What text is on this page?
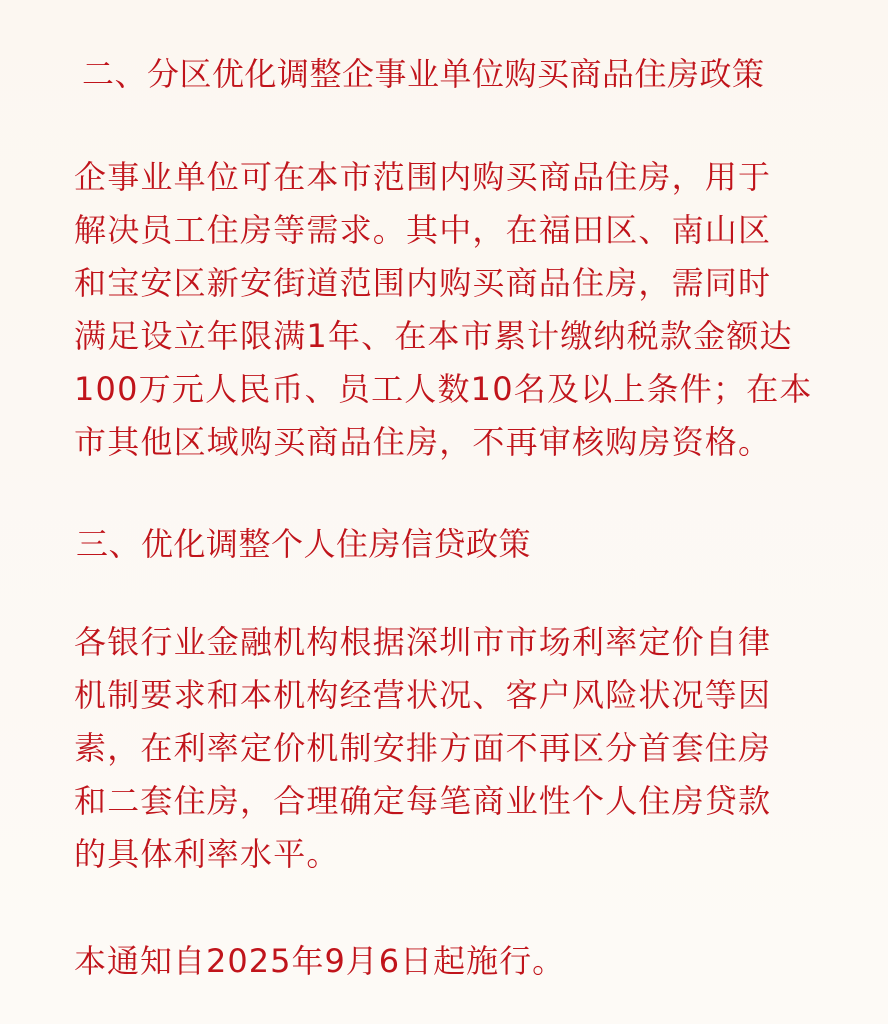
二、分区优化调整企事业单位购买商品住房政策
企事业单位可在本市范围内购买商品住房，用于
解决员工住房等需求。其中，在福田区、南山区
和宝安区新安街道范围内购买商品住房，需同时
满足设立年限满1年、在本市累计缴纳税款金额达
100万元人民币、员工人数10名及以上条件；在本
市其他区域购买商品住房，不再审核购房资格。
三、优化调整个人住房信贷政策
各银行业金融机构根据深圳市市场利率定价自律
机制要求和本机构经营状况、客户风险状况等因
素，在利率定价机制安排方面不再区分首套住房
和二套住房，合理确定每笔商业性个人住房贷款
的具体利率水平。
本通知自2025年9月6日起施行。
